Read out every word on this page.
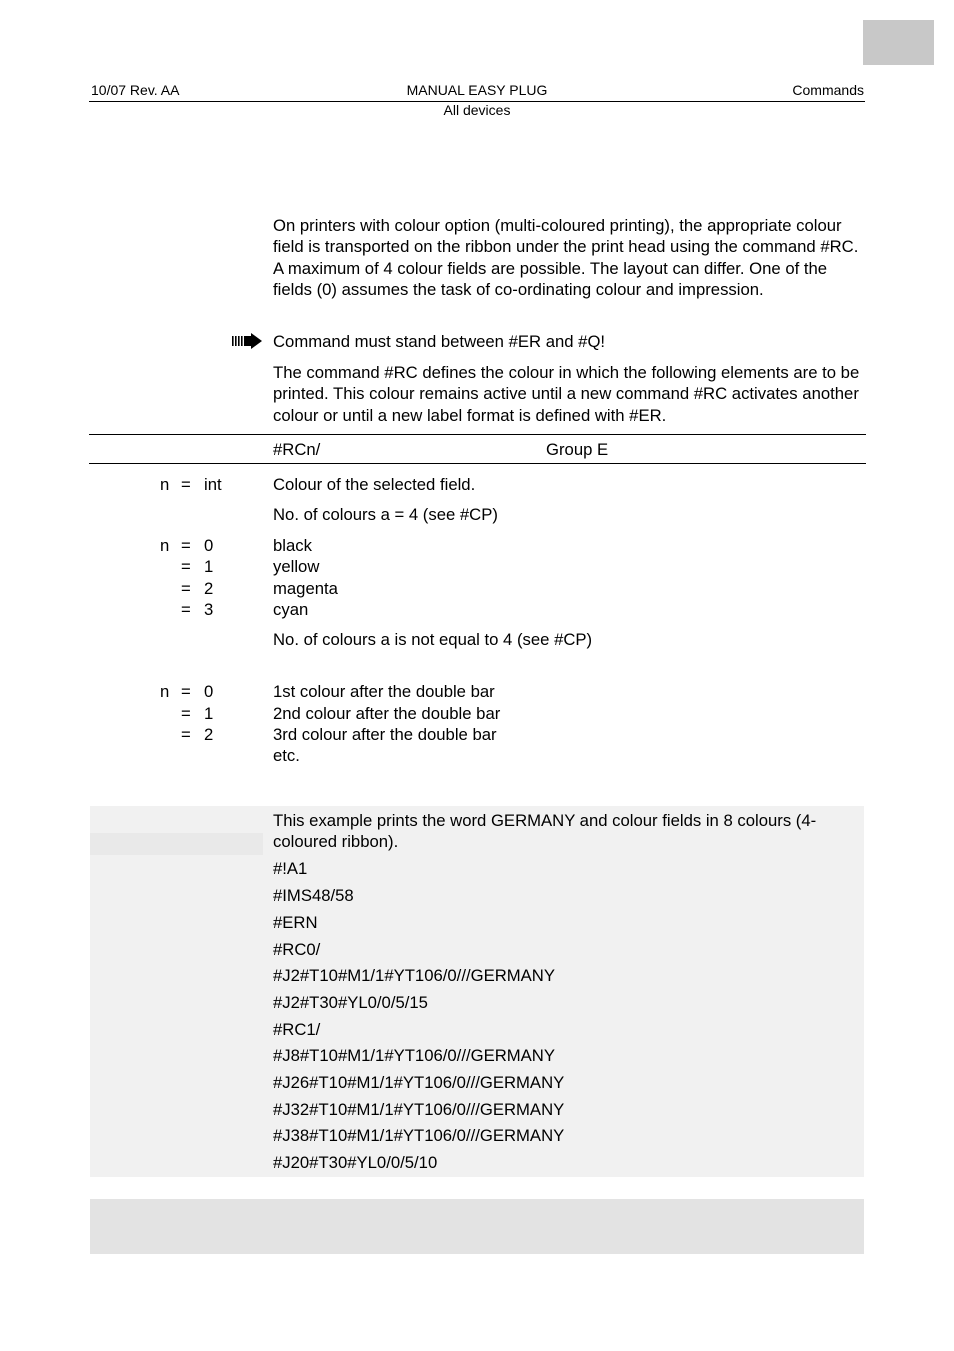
10/07 Rev. AA	MANUAL EASY PLUG	Commands
All devices
On printers with colour option (multi-coloured printing), the appropriate colour field is transported on the ribbon under the print head using the command #RC. A maximum of 4 colour fields are possible. The layout can differ. One of the fields (0) assumes the task of co-ordinating colour and impression.
Command must stand between #ER and #Q!
The command #RC defines the colour in which the following elements are to be printed. This colour remains active until a new command #RC activates another colour or until a new label format is defined with #ER.
#RCn/	Group E
n = int	Colour of the selected field.
No. of colours a = 4 (see #CP)
n = 0	black
= 1	yellow
= 2	magenta
= 3	cyan
No. of colours a is not equal to 4 (see #CP)
n = 0	1st colour after the double bar
= 1	2nd colour after the double bar
= 2	3rd colour after the double bar
etc.
This example prints the word GERMANY and colour fields in 8 colours (4-coloured ribbon).
#!A1
#IMS48/58
#ERN
#RC0/
#J2#T10#M1/1#YT106/0///GERMANY
#J2#T30#YL0/0/5/15
#RC1/
#J8#T10#M1/1#YT106/0///GERMANY
#J26#T10#M1/1#YT106/0///GERMANY
#J32#T10#M1/1#YT106/0///GERMANY
#J38#T10#M1/1#YT106/0///GERMANY
#J20#T30#YL0/0/5/10
